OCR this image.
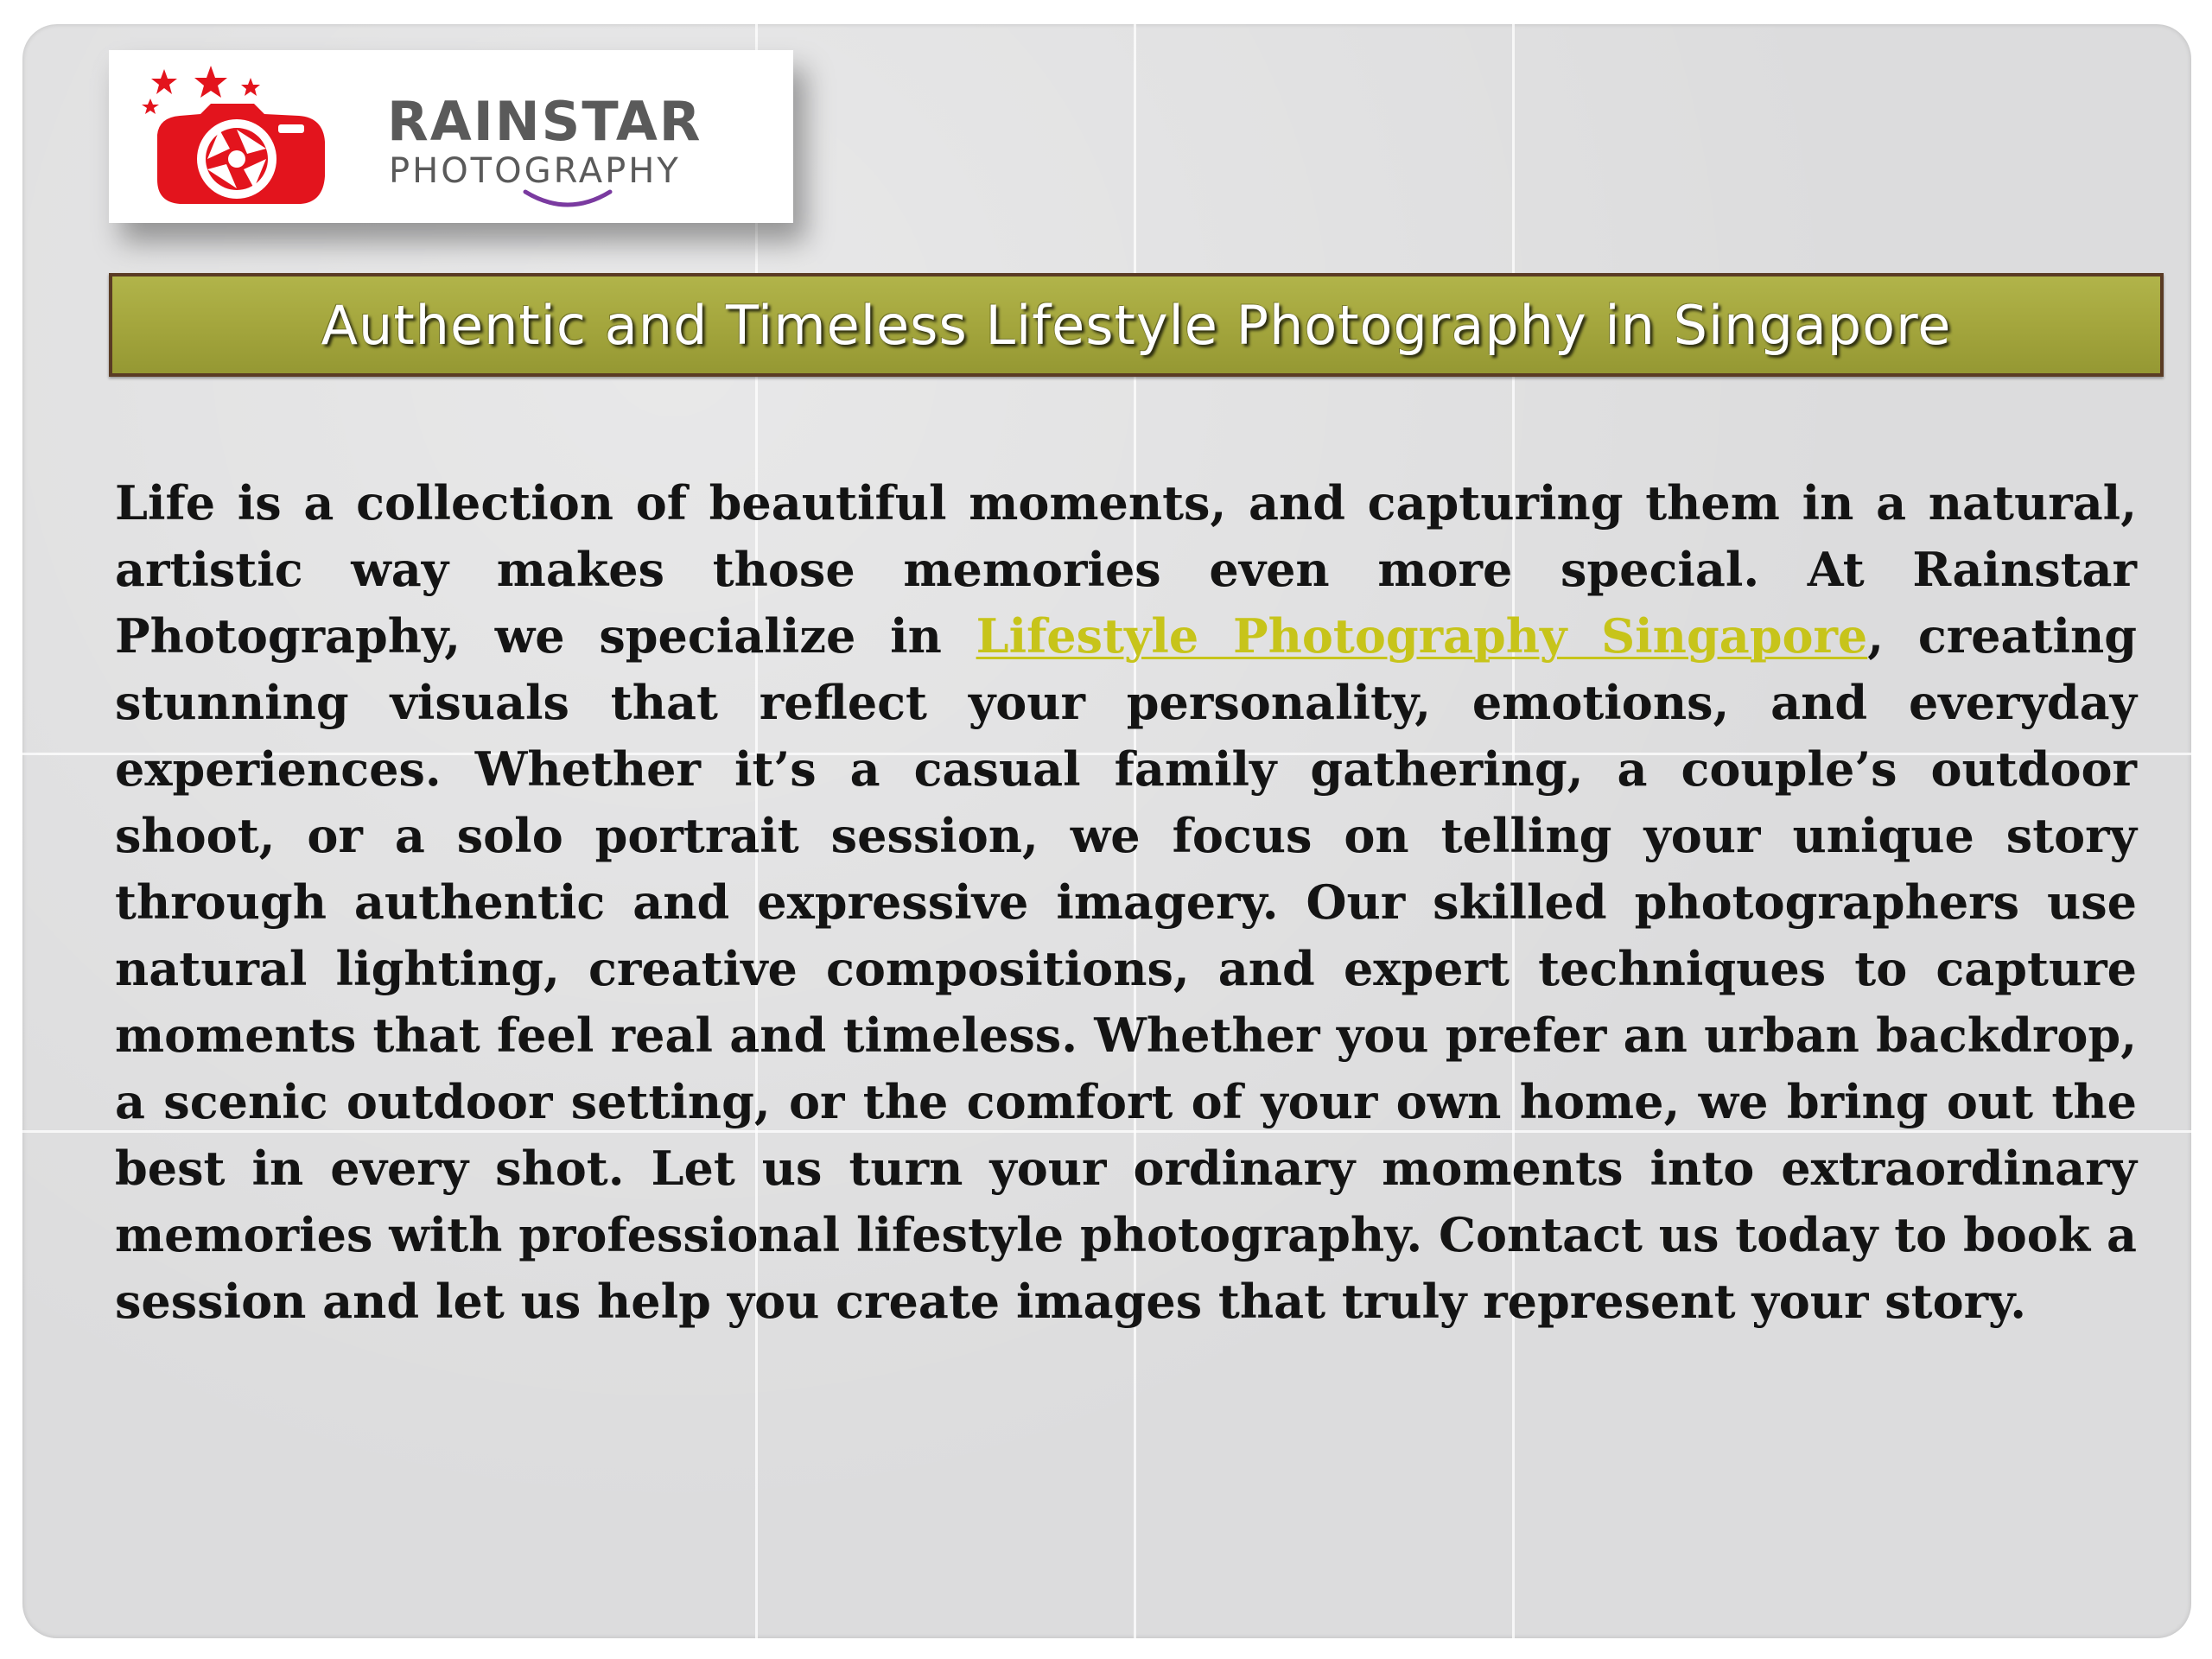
RAINSTAR
PHOTOGRAPHY
Authentic and Timeless Lifestyle Photography in Singapore
Life is a collection of beautiful moments, and capturing them in a natural, artistic way makes those memories even more special. At Rainstar Photography, we specialize in Lifestyle Photography Singapore, creating stunning visuals that reflect your personality, emotions, and everyday experiences. Whether it’s a casual family gathering, a couple’s outdoor shoot, or a solo portrait session, we focus on telling your unique story through authentic and expressive imagery. Our skilled photographers use natural lighting, creative compositions, and expert techniques to capture moments that feel real and timeless. Whether you prefer an urban backdrop, a scenic outdoor setting, or the comfort of your own home, we bring out the best in every shot. Let us turn your ordinary moments into extraordinary memories with professional lifestyle photography. Contact us today to book a session and let us help you create images that truly represent your story.
